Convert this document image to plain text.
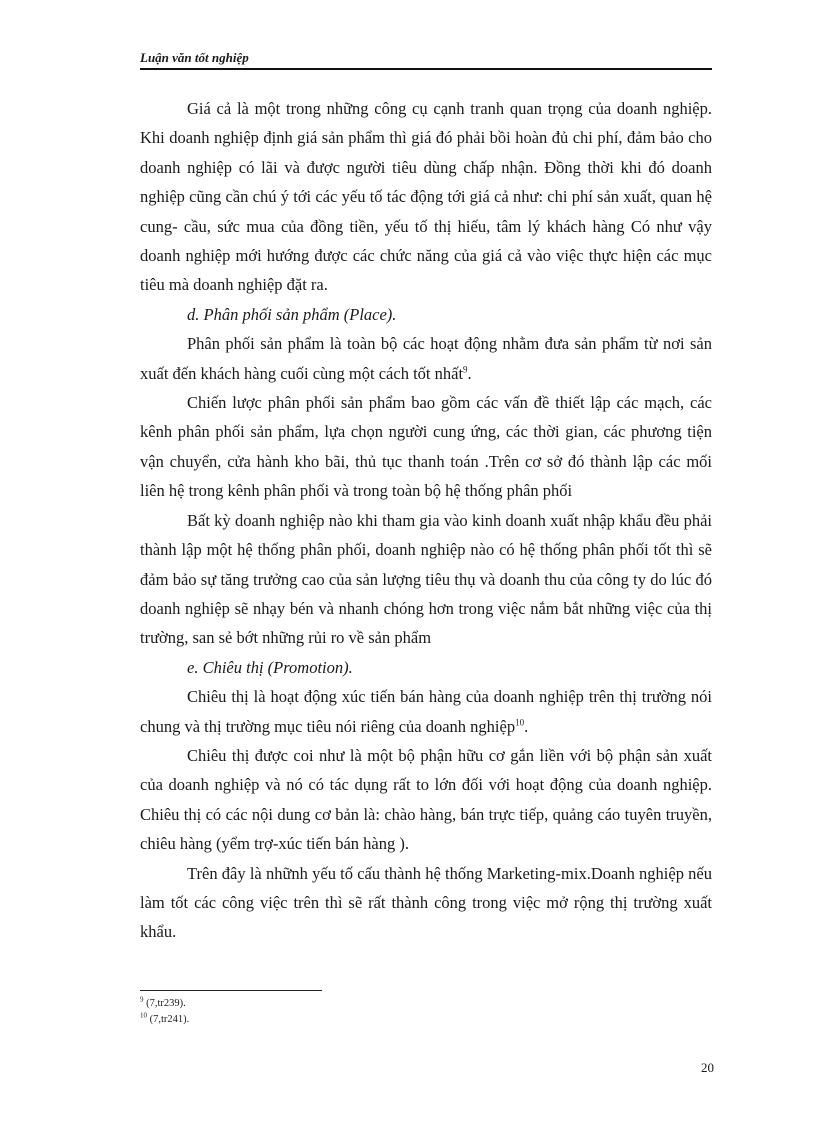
Luận văn tốt nghiệp

Giá cả là một trong những công cụ cạnh tranh quan trọng của doanh nghiệp. Khi doanh nghiệp định giá sản phẩm thì giá đó phải bồi hoàn đủ chi phí, đảm bảo cho doanh nghiệp có lãi và được người tiêu dùng chấp nhận. Đồng thời khi đó doanh nghiệp cũng cần chú ý tới các yếu tố tác động tới giá cả như: chi phí sản xuất, quan hệ cung- cầu, sức mua của đồng tiền, yếu tố thị hiếu, tâm lý khách hàng Có như vậy doanh nghiệp mới hướng được các chức năng của giá cả vào việc thực hiện các mục tiêu mà doanh nghiệp đặt ra.

d. Phân phối sản phẩm (Place).

Phân phối sản phẩm là toàn bộ các hoạt động nhằm đưa sản phẩm từ nơi sản xuất đến khách hàng cuối cùng một cách tốt nhất$^9$.

Chiến lược phân phối sản phẩm bao gồm các vấn đề thiết lập các mạch, các kênh phân phối sản phẩm, lựa chọn người cung ứng, các thời gian, các phương tiện vận chuyển, cửa hành kho bãi, thủ tục thanh toán .Trên cơ sở đó thành lập các mối liên hệ trong kênh phân phối và trong toàn bộ hệ thống phân phối

Bất kỳ doanh nghiệp nào khi tham gia vào kinh doanh xuất nhập khẩu đều phải thành lập một hệ thống phân phối, doanh nghiệp nào có hệ thống phân phối tốt thì sẽ đảm bảo sự tăng trưởng cao của sản lượng tiêu thụ và doanh thu của công ty do lúc đó doanh nghiệp sẽ nhạy bén và nhanh chóng hơn trong việc nắm bắt những việc của thị trường, san sẻ bớt những rủi ro về sản phẩm

e. Chiêu thị (Promotion).

Chiêu thị là hoạt động xúc tiến bán hàng của doanh nghiệp trên thị trường nói chung và thị trường mục tiêu nói riêng của doanh nghiệp$^{10}$.

Chiêu thị được coi như là một bộ phận hữu cơ gắn liền với bộ phận sản xuất của doanh nghiệp và nó có tác dụng rất to lớn đối với hoạt động của doanh nghiệp. Chiêu thị có các nội dung cơ bản là: chào hàng, bán trực tiếp, quảng cáo tuyên truyền, chiêu hàng (yểm trợ-xúc tiến bán hàng ).

Trên đây là nhữnh yếu tố cấu thành hệ thống Marketing-mix.Doanh nghiệp nếu làm tốt các công việc trên thì sẽ rất thành công trong việc mở rộng thị trường xuất khẩu.

$^9$ (7,tr239).
$^{10}$ (7,tr241).
20
